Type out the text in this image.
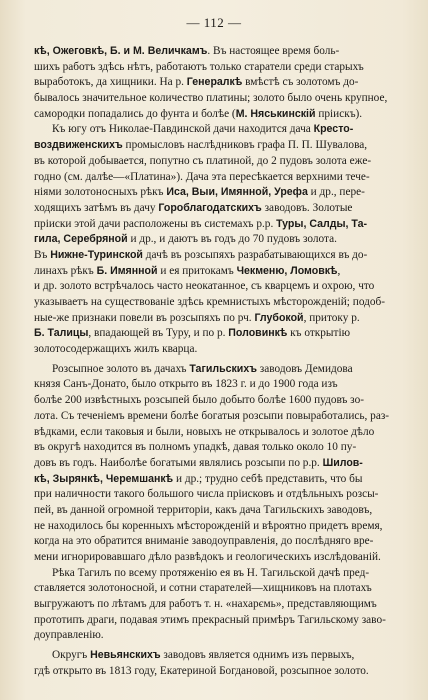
— 112 —
кѣ, Ожеговкѣ, Б. и М. Величкамъ. Въ настоящее время боль-
шихъ работъ здѣсь нѣтъ, работаютъ только старатели среди старыхъ
выработокъ, да хищники. На р. Генералкѣ вмѣстѣ съ золотомъ до-
бывалось значительное количество платины; золото было очень крупное,
самородки попадались до фунта и болѣе (М. Няськинскій пріискъ).
Къ югу отъ Николае-Павдинской дачи находится дача Кресто-
воздвиженскихъ промысловъ наслѣдниковъ графа П. П. Шувалова,
въ которой добывается, попутно съ платиной, до 2 пудовъ золота еже-
годно (см. далѣе—«Платина»). Дача эта пересѣкается верхними тече-
ніями золотоносныхъ рѣкъ Иса, Выи, Имянной, Урефа и др., пере-
ходящихъ затѣмъ въ дачу Гороблагодатскихъ заводовъ. Золотые
пріиски этой дачи расположены въ системахъ р.р. Туры, Салды, Та-
гила, Серебряной и др., и даютъ въ годъ до 70 пудовъ золота.
Въ Нижне-Туринской дачѣ въ розсыпяхъ разрабатывающихся въ до-
линахъ рѣкъ Б. Имянной и ея притокамъ Чекменю, Ломовкѣ,
и др. золото встрѣчалось часто неокатанное, съ кварцемъ и охрою, что
указываетъ на существованіе здѣсь кремнистыхъ мѣсторожденій; подоб-
ные-же признаки повели въ розсыпяхъ по рч. Глубокой, притоку р.
Б. Талицы, впадающей въ Туру, и по р. Половинкѣ къ открытію
золотосодержащихъ жилъ кварца.
Розсыпное золото въ дачахъ Тагильскихъ заводовъ Демидова
князя Санъ-Донато, было открыто въ 1823 г. и до 1900 года изъ
болѣе 200 извѣстныхъ розсыпей было добыто болѣе 1600 пудовъ зо-
лота. Съ теченіемъ времени болѣе богатыя розсыпи повыработались, раз-
вѣдками, если таковыя и были, новыхъ не открывалось и золотое дѣло
въ округѣ находится въ полномъ упадкѣ, давая только около 10 пу-
довъ въ годъ. Наиболѣе богатыми являлись розсыпи по р.р. Шилов-
кѣ, Зырянкѣ, Черемшанкѣ и др.; трудно себѣ представить, что бы
при наличности такого большого числа пріисковъ и отдѣльныхъ розсы-
пей, въ данной огромной территоріи, какъ дача Тагильскихъ заводовъ,
не находилось бы коренныхъ мѣсторожденій и вѣроятно придетъ время,
когда на это обратится вниманіе заводоуправленія, до послѣдняго вре-
мени игнорировавшаго дѣло развѣдокъ и геологическихъ изслѣдованій.
Рѣка Тагилъ по всему протяженію ея въ Н. Тагильской дачѣ пред-
ставляется золотоносной, и сотни старателей—хищниковъ на плотахъ
выгружаютъ по лѣтамъ для работъ т. н. «нахарємь», представляющимъ
прототипъ драги, подавая этимъ прекрасный примѣръ Тагильскому заво-
доуправленію.
Округъ Невьянскихъ заводовъ является однимъ изъ первыхъ,
гдѣ открыто въ 1813 году, Екатериной Богдановой, розсыпное золото.
